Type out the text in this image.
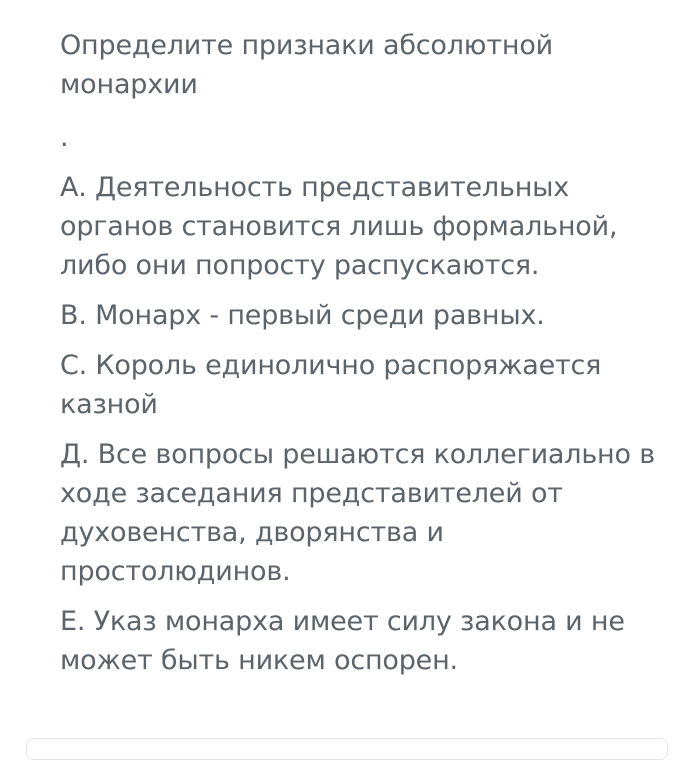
Определите признаки абсолютной монархии
.

А. Деятельность представительных органов становится лишь формальной, либо они попросту распускаются.

В. Монарх - первый среди равных.

С. Король единолично распоряжается казной

Д. Все вопросы решаются коллегиально в ходе заседания представителей от духовенства, дворянства и простолюдинов.

Е. Указ монарха имеет силу закона и не может быть никем оспорен.
